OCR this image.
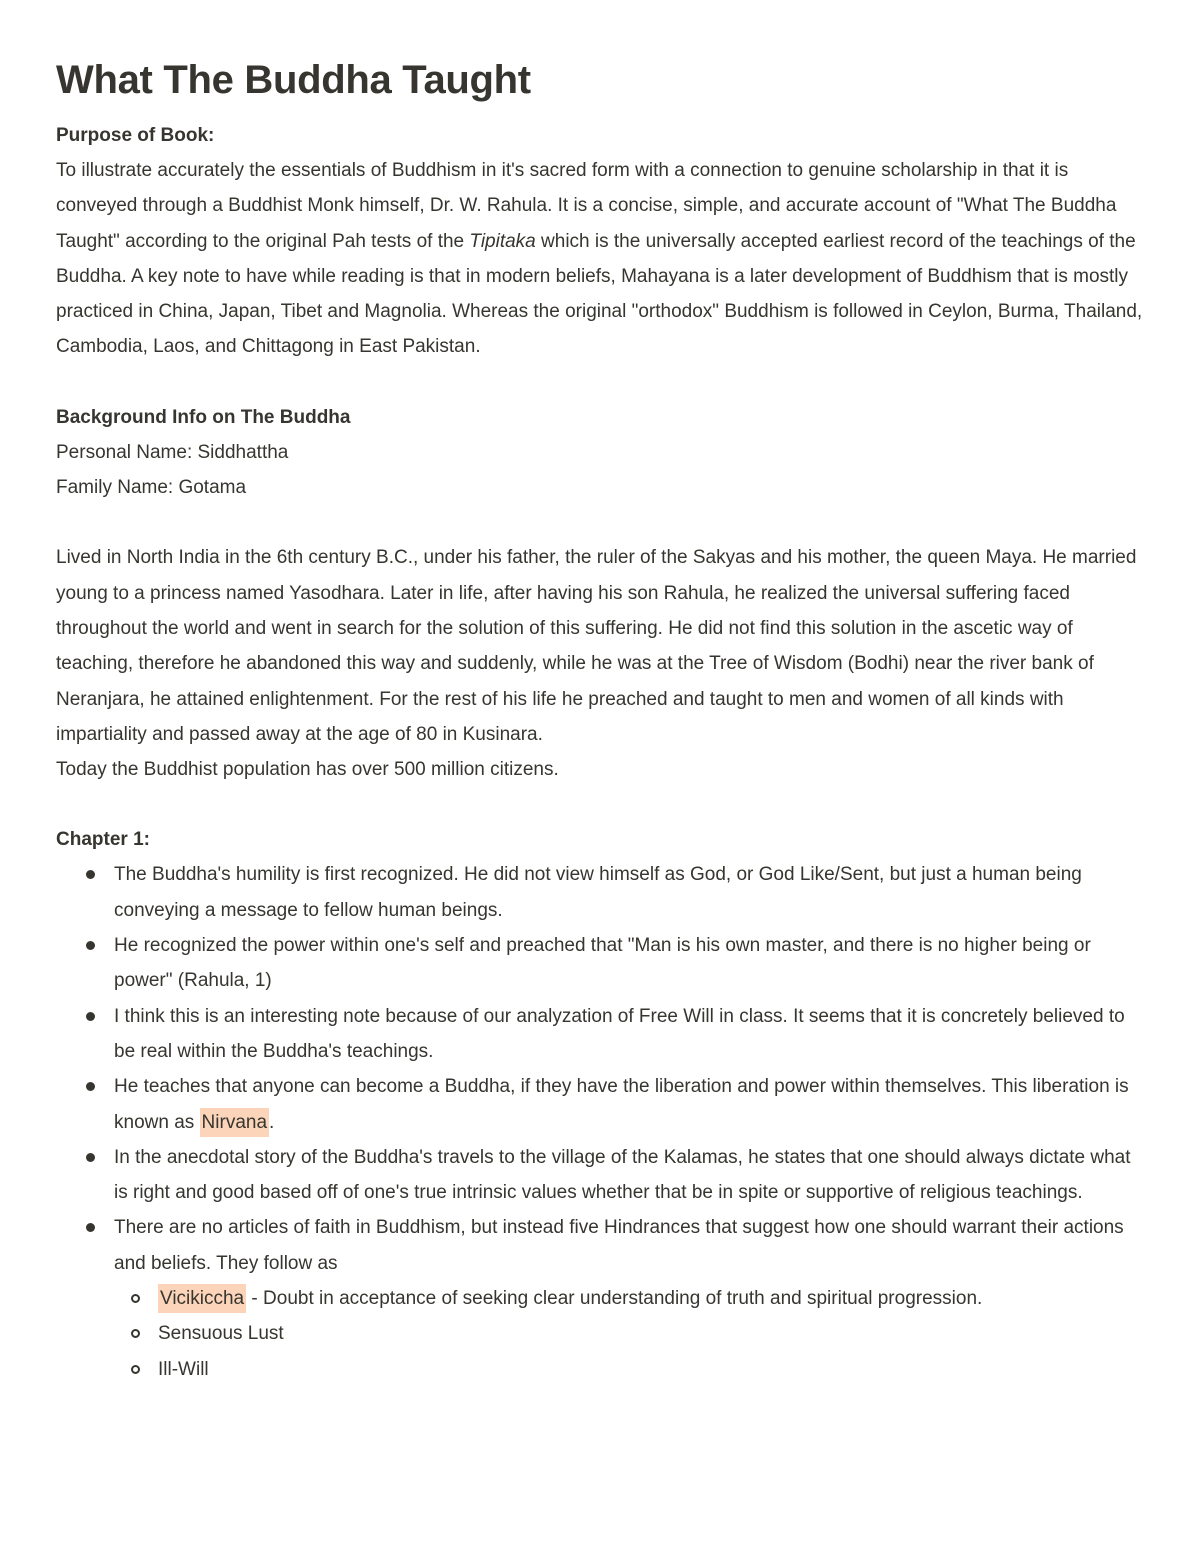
What The Buddha Taught
Purpose of Book:

To illustrate accurately the essentials of Buddhism in it's sacred form with a connection to genuine scholarship in that it is conveyed through a Buddhist Monk himself, Dr. W. Rahula. It is a concise, simple, and accurate account of "What The Buddha Taught" according to the original Pah tests of the Tipitaka which is the universally accepted earliest record of the teachings of the Buddha. A key note to have while reading is that in modern beliefs, Mahayana is a later development of Buddhism that is mostly practiced in China, Japan, Tibet and Magnolia. Whereas the original "orthodox" Buddhism is followed in Ceylon, Burma, Thailand, Cambodia, Laos, and Chittagong in East Pakistan.

Background Info on The Buddha

Personal Name: Siddhattha

Family Name: Gotama

Lived in North India in the 6th century B.C., under his father, the ruler of the Sakyas and his mother, the queen Maya. He married young to a princess named Yasodhara. Later in life, after having his son Rahula, he realized the universal suffering faced throughout the world and went in search for the solution of this suffering. He did not find this solution in the ascetic way of teaching, therefore he abandoned this way and suddenly, while he was at the Tree of Wisdom (Bodhi) near the river bank of Neranjara, he attained enlightenment. For the rest of his life he preached and taught to men and women of all kinds with impartiality and passed away at the age of 80 in Kusinara.

Today the Buddhist population has over 500 million citizens.

Chapter 1:
The Buddha's humility is first recognized. He did not view himself as God, or God Like/Sent, but just a human being conveying a message to fellow human beings.
He recognized the power within one's self and preached that "Man is his own master, and there is no higher being or power" (Rahula, 1)
I think this is an interesting note because of our analyzation of Free Will in class. It seems that it is concretely believed to be real within the Buddha's teachings.
He teaches that anyone can become a Buddha, if they have the liberation and power within themselves. This liberation is known as Nirvana .
In the anecdotal story of the Buddha's travels to the village of the Kalamas, he states that one should always dictate what is right and good based off of one's true intrinsic values whether that be in spite or supportive of religious teachings.
There are no articles of faith in Buddhism, but instead five Hindrances that suggest how one should warrant their actions and beliefs. They follow as
Vicikiccha - Doubt in acceptance of seeking clear understanding of truth and spiritual progression.
Sensuous Lust
Ill-Will
